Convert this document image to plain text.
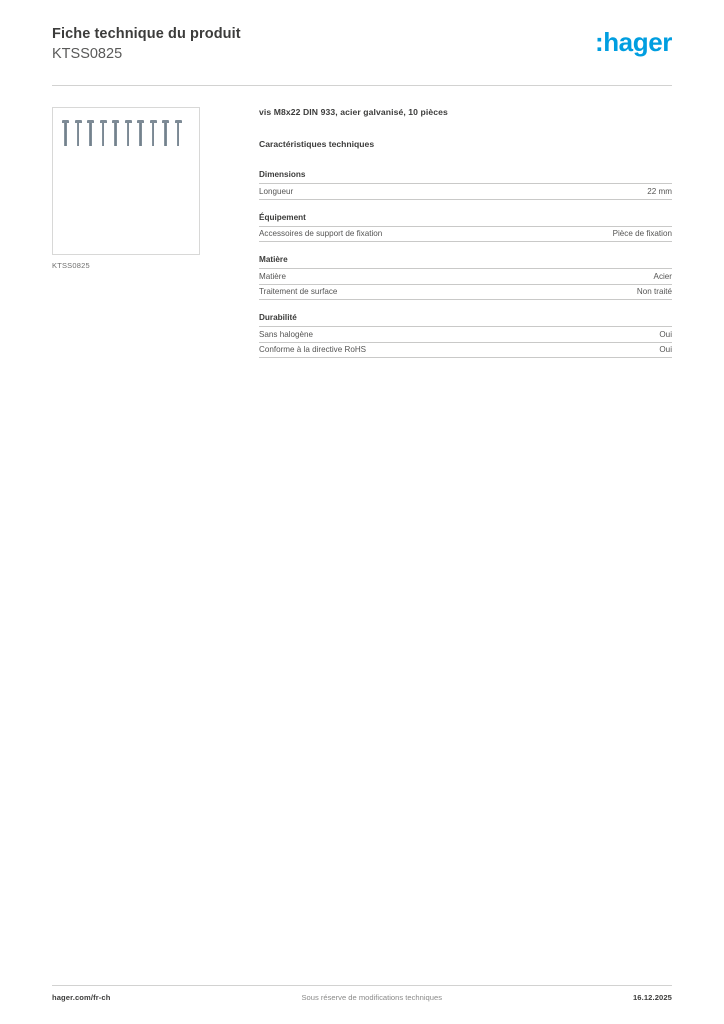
Fiche technique du produit
KTSS0825	:hager
KTSS0825
vis M8x22 DIN 933, acier galvanisé, 10 pièces
Caractéristiques techniques
Dimensions
Longueur	22 mm
Équipement
Accessoires de support de fixation	Pièce de fixation
Matière
Matière	Acier
Traitement de surface	Non traité
Durabilité
Sans halogène	Oui
Conforme à la directive RoHS	Oui
hager.com/fr-ch	Sous réserve de modifications techniques	16.12.2025
